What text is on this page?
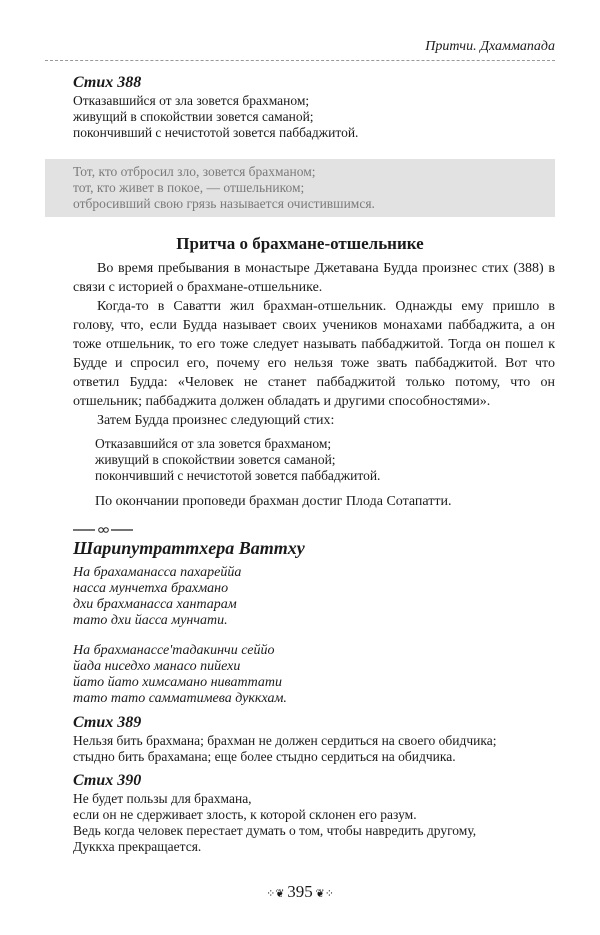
Притчи. Дхаммапада
Стих 388
Отказавшийся от зла зовется брахманом;
живущий в спокойствии зовется саманой;
покончивший с нечистотой зовется паббаджитой.
Тот, кто отбросил зло, зовется брахманом;
тот, кто живет в покое, — отшельником;
отбросивший свою грязь называется очистившимся.
Притча о брахмане-отшельнике

Во время пребывания в монастыре Джетавана Будда произнес стих (388) в связи с историей о брахмане-отшельнике.

Когда-то в Саватти жил брахман-отшельник. Однажды ему пришло в голову, что, если Будда называет своих учеников монахами паббаджита, а он тоже отшельник, то его тоже следует называть паббаджитой. Тогда он пошел к Будде и спросил его, почему его нельзя тоже звать паббаджитой. Вот что ответил Будда: «Человек не станет паббаджитой только потому, что он отшельник; паббаджита должен обладать и другими способностями».

Затем Будда произнес следующий стих:

Отказавшийся от зла зовется брахманом;
живущий в спокойствии зовется саманой;
покончивший с нечистотой зовется паббаджитой.
По окончании проповеди брахман достиг Плода Сотапатти.
Шарипутраттхера Ваттху
На брахаманасса пахареййа
насса мунчетха брахмано
дхи брахманасса хантарам
тато дхи йасса мунчати.
На брахманассе'тадакинчи сеййо
йада ниседхо манасо пийехи
йато йато химсамано ниваттати
тато тато самматимева дуккхам.
Стих 389
Нельзя бить брахмана; брахман не должен сердиться на своего обидчика;
стыдно бить брахамана; еще более стыдно сердиться на обидчика.
Стих 390
Не будет пользы для брахмана,
если он не сдерживает злость, к которой склонен его разум.
Ведь когда человек перестает думать о том, чтобы навредить другому,
Дуккха прекращается.
⁘❦ 395 ❦⁘
